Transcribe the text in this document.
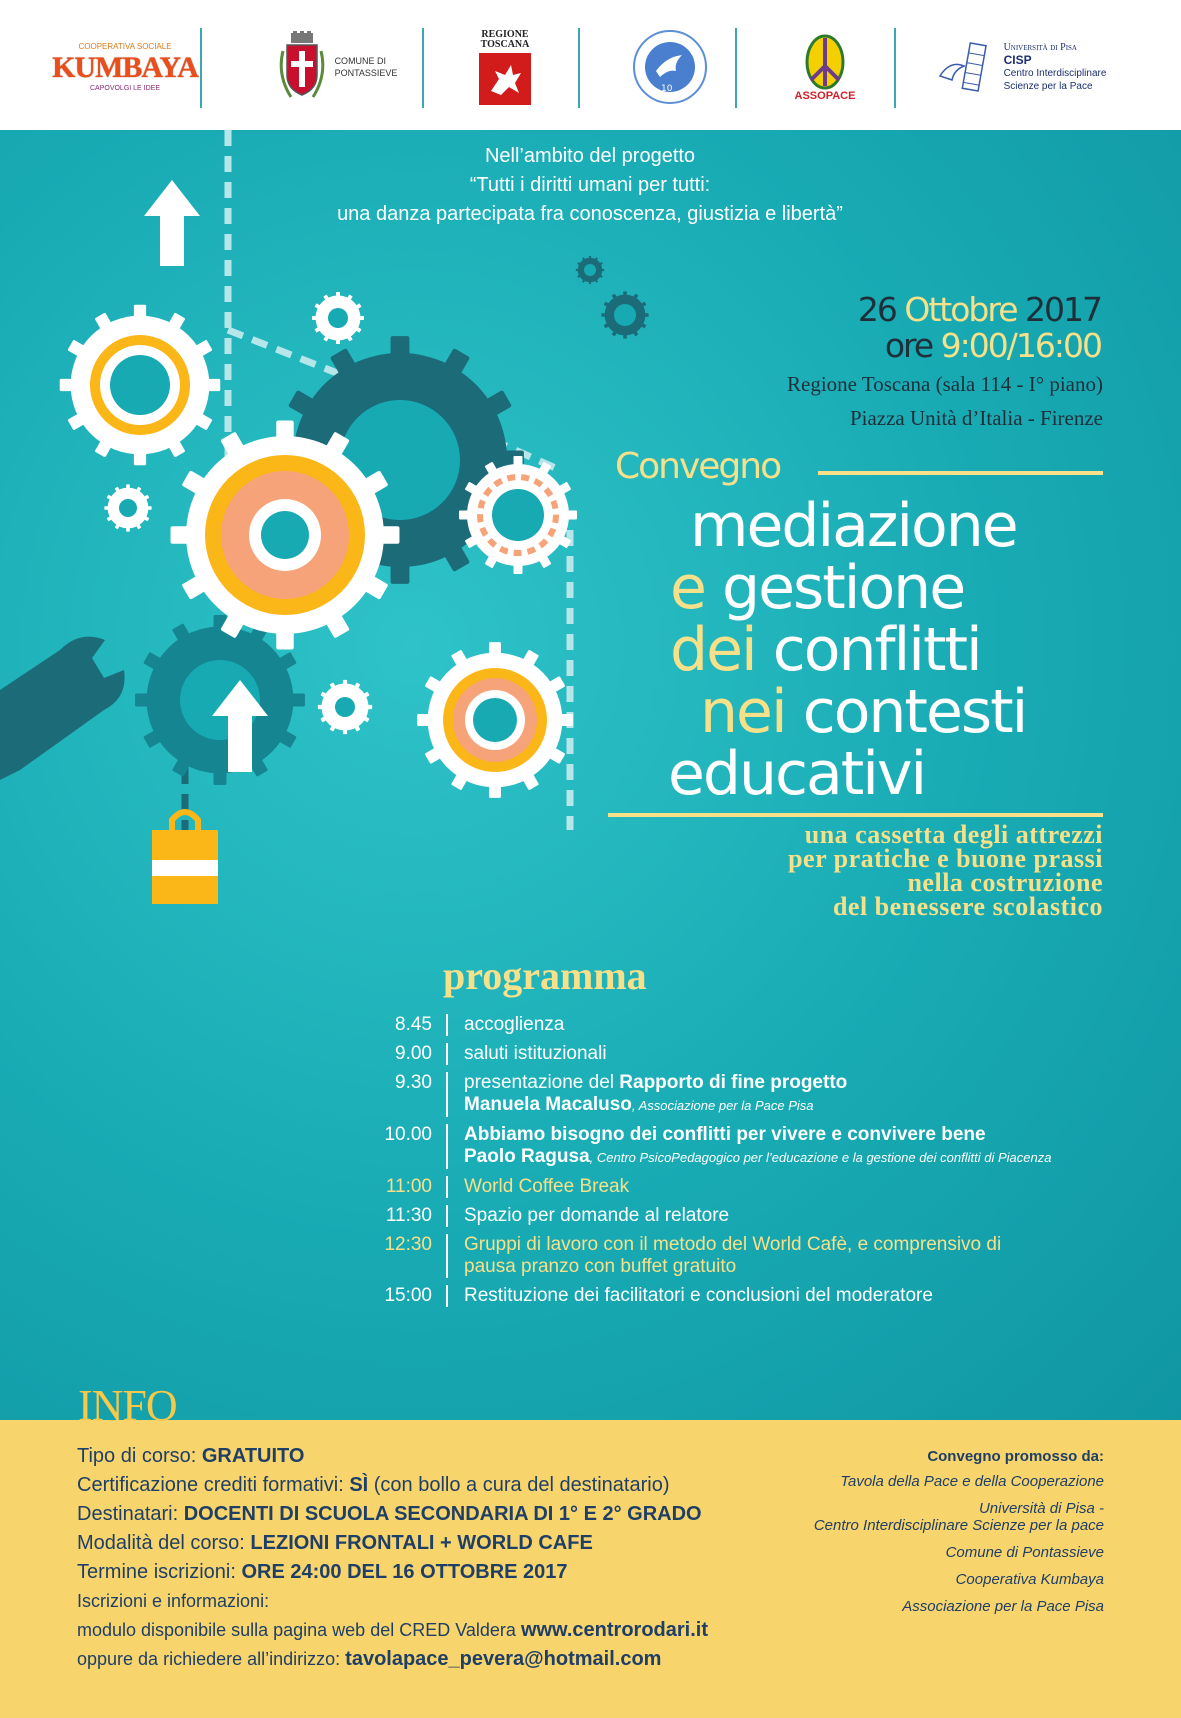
COOPERATIVA SOCIALE
KUMBAYA
CAPOVOLGI LE IDEE
COMUNE DI
PONTASSIEVE
REGIONE
TOSCANA
10
ASSOPACE
Università di Pisa
CISP
Centro Interdisciplinare
Scienze per la Pace
Nell’ambito del progetto
“Tutti i diritti umani per tutti:
una danza partecipata fra conoscenza, giustizia e libertà”
26 Ottobre 2017
ore 9:00/16:00
Regione Toscana (sala 114 - I° piano)
Piazza Unità d’Italia - Firenze
Convegno
mediazione
e gestione
dei conflitti
nei contesti
educativi
una cassetta degli attrezzi
per pratiche e buone prassi
nella costruzione
del benessere scolastico
programma
8.45	accoglienza
9.00	saluti istituzionali
9.30	presentazione del Rapporto di fine progetto
Manuela Macaluso, Associazione per la Pace Pisa
10.00	Abbiamo bisogno dei conflitti per vivere e convivere bene
Paolo Ragusa, Centro PsicoPedagogico per l’educazione e la gestione dei conflitti di Piacenza
11:00	World Coffee Break
11:30	Spazio per domande al relatore
12:30	Gruppi di lavoro con il metodo del World Cafè, e comprensivo di
pausa pranzo con buffet gratuito
15:00	Restituzione dei facilitatori e conclusioni del moderatore
INFO
Tipo di corso: GRATUITO
Certificazione crediti formativi: SÌ (con bollo a cura del destinatario)
Destinatari: DOCENTI DI SCUOLA SECONDARIA DI 1° E 2° GRADO
Modalità del corso: LEZIONI FRONTALI + WORLD CAFE
Termine iscrizioni: ORE 24:00 DEL 16 OTTOBRE 2017
Iscrizioni e informazioni:
modulo disponibile sulla pagina web del CRED Valdera www.centrorodari.it
oppure da richiedere all’indirizzo: tavolapace_pevera@hotmail.com
Convegno promosso da:
Tavola della Pace e della Cooperazione
Università di Pisa -
Centro Interdisciplinare Scienze per la pace
Comune di Pontassieve
Cooperativa Kumbaya
Associazione per la Pace Pisa
